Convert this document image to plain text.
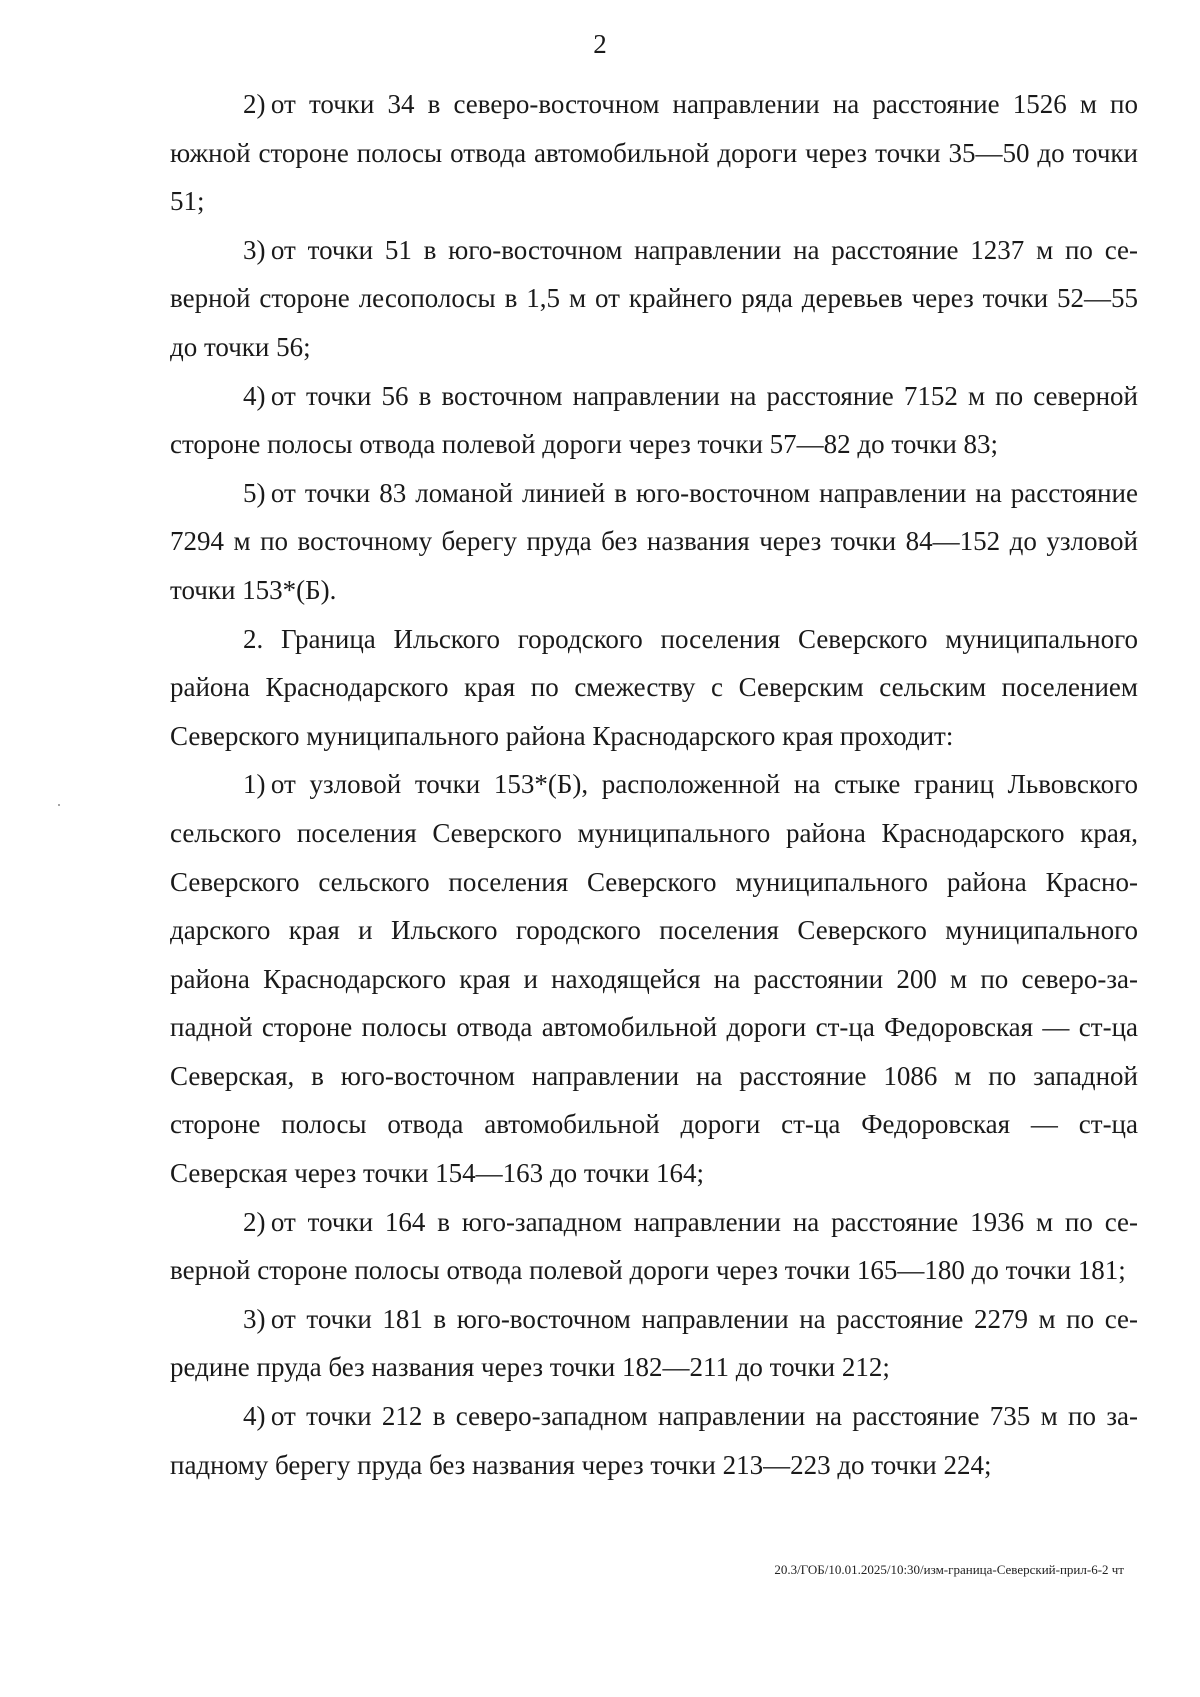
2

2) от точки 34 в северо-восточном направлении на расстояние 1526 м по южной стороне полосы отвода автомобильной дороги через точки 35—50 до точки 51;

3) от точки 51 в юго-восточном направлении на расстояние 1237 м по северной стороне лесополосы в 1,5 м от крайнего ряда деревьев через точки 52—55 до точки 56;

4) от точки 56 в восточном направлении на расстояние 7152 м по северной стороне полосы отвода полевой дороги через точки 57—82 до точки 83;

5) от точки 83 ломаной линией в юго-восточном направлении на расстояние 7294 м по восточному берегу пруда без названия через точки 84—152 до узловой точки 153*(Б).

2. Граница Ильского городского поселения Северского муниципального района Краснодарского края по смежеству с Северским сельским поселением Северского муниципального района Краснодарского края проходит:

1) от узловой точки 153*(Б), расположенной на стыке границ Львовского сельского поселения Северского муниципального района Краснодарского края, Северского сельского поселения Северского муниципального района Краснодарского края и Ильского городского поселения Северского муниципального района Краснодарского края и находящейся на расстоянии 200 м по северо-западной стороне полосы отвода автомобильной дороги ст-ца Федоровская — ст-ца Северская, в юго-восточном направлении на расстояние 1086 м по западной стороне полосы отвода автомобильной дороги ст-ца Федоровская — ст-ца Северская через точки 154—163 до точки 164;

2) от точки 164 в юго-западном направлении на расстояние 1936 м по северной стороне полосы отвода полевой дороги через точки 165—180 до точки 181;

3) от точки 181 в юго-восточном направлении на расстояние 2279 м по середине пруда без названия через точки 182—211 до точки 212;

4) от точки 212 в северо-западном направлении на расстояние 735 м по западному берегу пруда без названия через точки 213—223 до точки 224;

20.3/ГОБ/10.01.2025/10:30/изм-граница-Северский-прил-6-2 чт
